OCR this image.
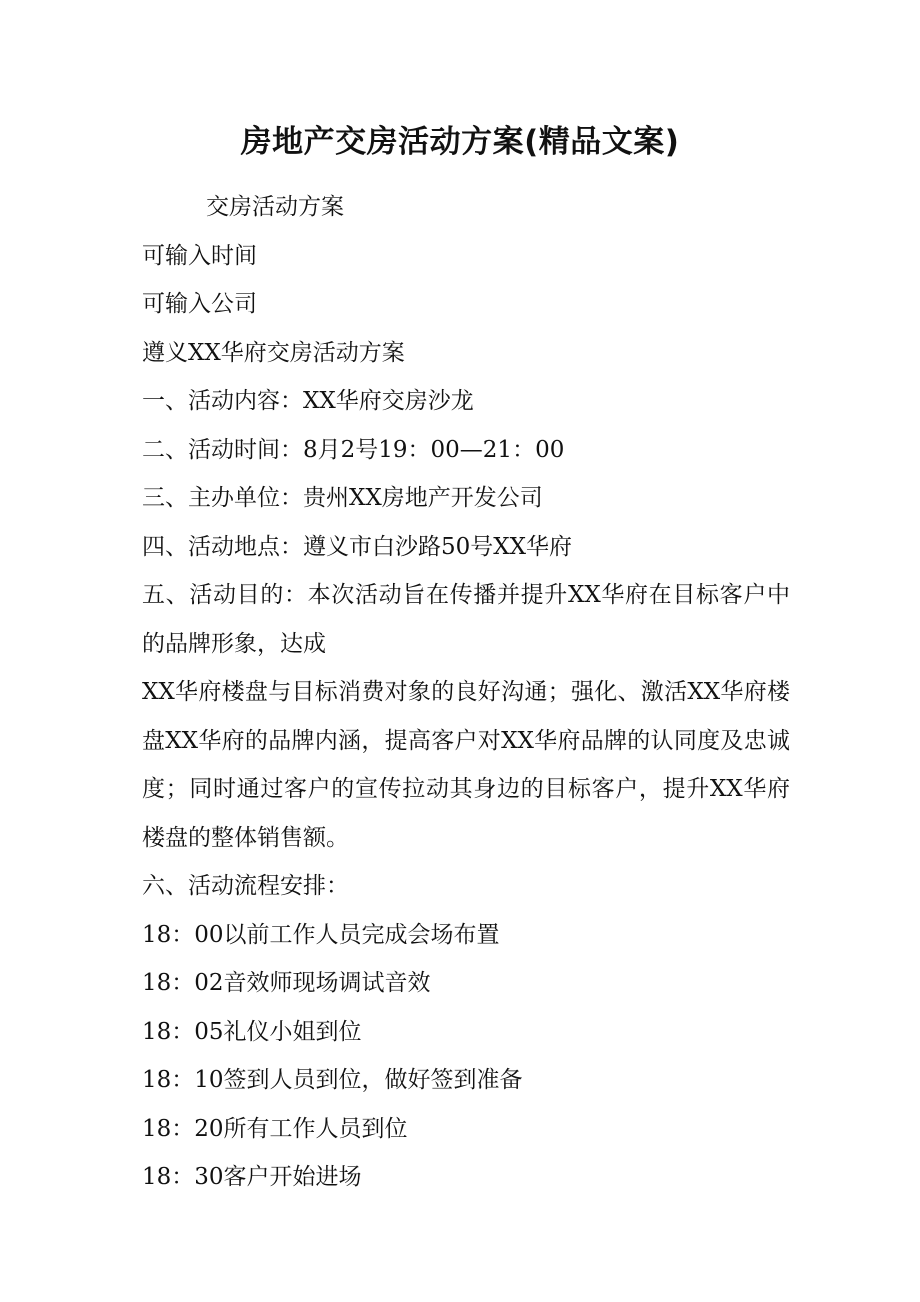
房地产交房活动方案(精品文案)

交房活动方案

可输入时间

可输入公司

遵义XX华府交房活动方案

一、活动内容：XX华府交房沙龙

二、活动时间：8月2号19：00—21：00

三、主办单位：贵州XX房地产开发公司

四、活动地点：遵义市白沙路50号XX华府

五、活动目的：本次活动旨在传播并提升XX华府在目标客户中的品牌形象，达成

XX华府楼盘与目标消费对象的良好沟通；强化、激活XX华府楼盘XX华府的品牌内涵，提高客户对XX华府品牌的认同度及忠诚度；同时通过客户的宣传拉动其身边的目标客户，提升XX华府楼盘的整体销售额。

六、活动流程安排：

18：00以前工作人员完成会场布置

18：02音效师现场调试音效

18：05礼仪小姐到位

18：10签到人员到位，做好签到准备

18：20所有工作人员到位

18：30客户开始进场
